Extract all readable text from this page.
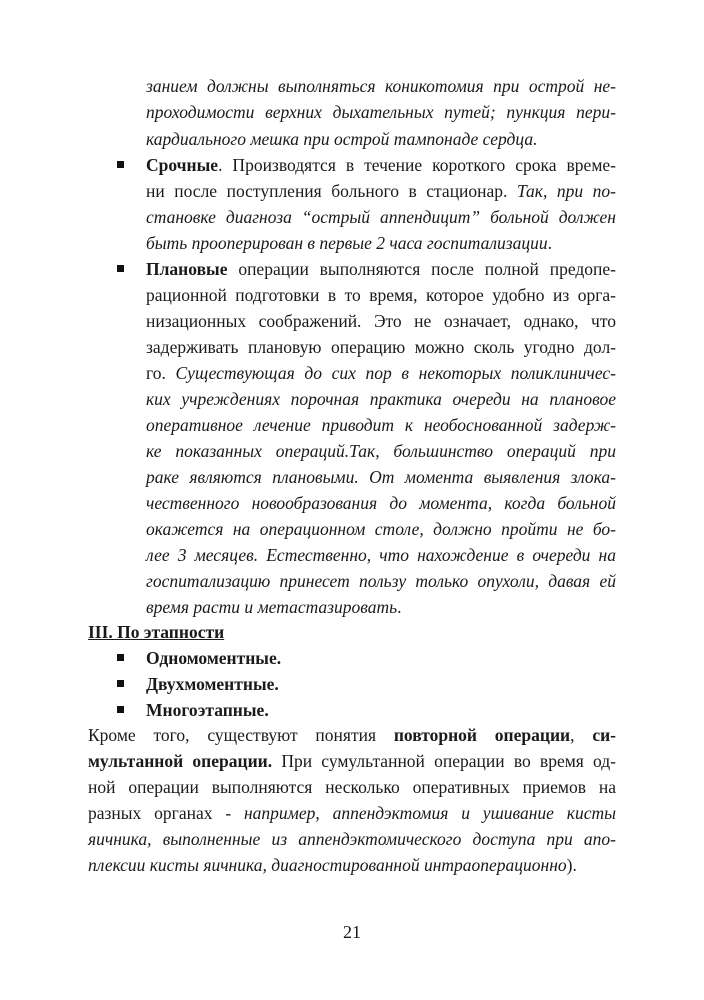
занием должны выполняться коникотомия при острой не-
проходимости верхних дыхательных путей; пункция пери-
кардиального мешка при острой тампонаде сердца.
Срочные. Производятся в течение короткого срока време-
ни после поступления больного в стационар. Так, при по-
становке диагноза “острый аппендицит” больной должен
быть прооперирован в первые 2 часа госпитализации.
Плановые операции выполняются после полной предопе-
рационной подготовки в то время, которое удобно из орга-
низационных соображений. Это не означает, однако, что
задерживать плановую операцию можно сколь угодно дол-
го. Существующая до сих пор в некоторых поликлиничес-
ких учреждениях порочная практика очереди на плановое
оперативное лечение приводит к необоснованной задерж-
ке показанных операций.Так, большинство операций при
раке являются плановыми. От момента выявления злока-
чественного новообразования до момента, когда больной
окажется на операционном столе, должно пройти не бо-
лее 3 месяцев. Естественно, что нахождение в очереди на
госпитализацию принесет пользу только опухоли, давая ей
время расти и метастазировать.
III. По этапности
Одномоментные.
Двухмоментные.
Многоэтапные.
Кроме того, существуют понятия повторной операции, си-
мультанной операции. При сумультанной операции во время од-
ной операции выполняются несколько оперативных приемов на
разных органах - например, аппендэктомия и ушивание кисты
яичника, выполненные из аппендэктомического доступа при апо-
плексии кисты яичника, диагностированной интраоперационно).
21
